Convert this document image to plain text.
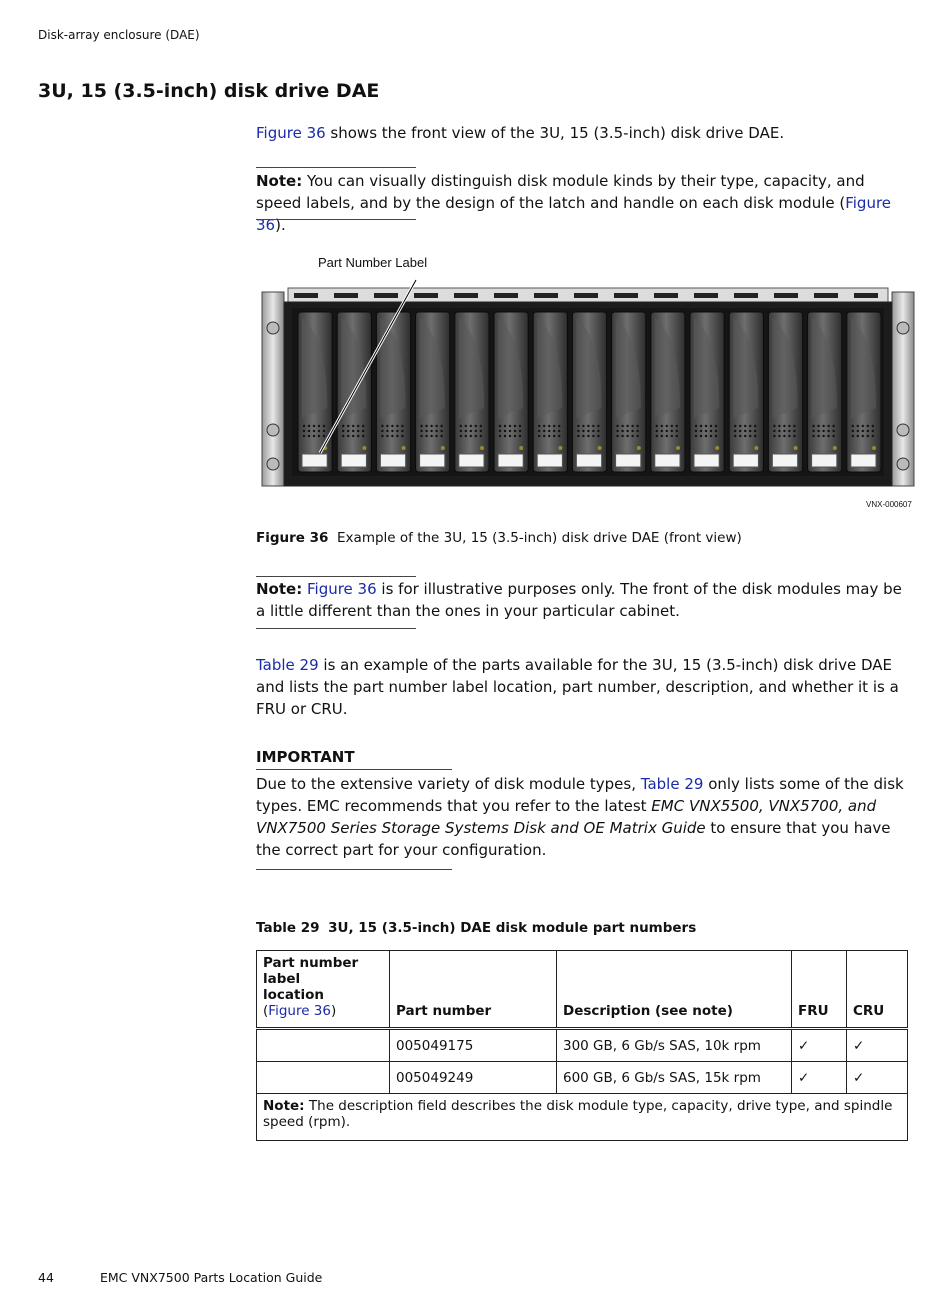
Disk-array enclosure (DAE)
3U, 15 (3.5-inch) disk drive DAE
Figure 36 shows the front view of the 3U, 15 (3.5-inch) disk drive DAE.
Note: You can visually distinguish disk module kinds by their type, capacity, and speed labels, and by the design of the latch and handle on each disk module (Figure 36).
Part Number Label
VNX-000607
Figure 36 Example of the 3U, 15 (3.5-inch) disk drive DAE (front view)
Note: Figure 36 is for illustrative purposes only. The front of the disk modules may be a little different than the ones in your particular cabinet.
Table 29 is an example of the parts available for the 3U, 15 (3.5-inch) disk drive DAE and lists the part number label location, part number, description, and whether it is a FRU or CRU.
IMPORTANT
Due to the extensive variety of disk module types, Table 29 only lists some of the disk types. EMC recommends that you refer to the latest EMC VNX5500, VNX5700, and VNX7500 Series Storage Systems Disk and OE Matrix Guide to ensure that you have the correct part for your configuration.
Table 29 3U, 15 (3.5-inch) DAE disk module part numbers
Part number label
location
(Figure 36)	Part number	Description (see note)	FRU	CRU
	005049175	300 GB, 6 Gb/s SAS, 10k rpm	✓	✓
	005049249	600 GB, 6 Gb/s SAS, 15k rpm	✓	✓
Note: The description field describes the disk module type, capacity, drive type, and spindle speed (rpm).				
44	EMC VNX7500 Parts Location Guide
